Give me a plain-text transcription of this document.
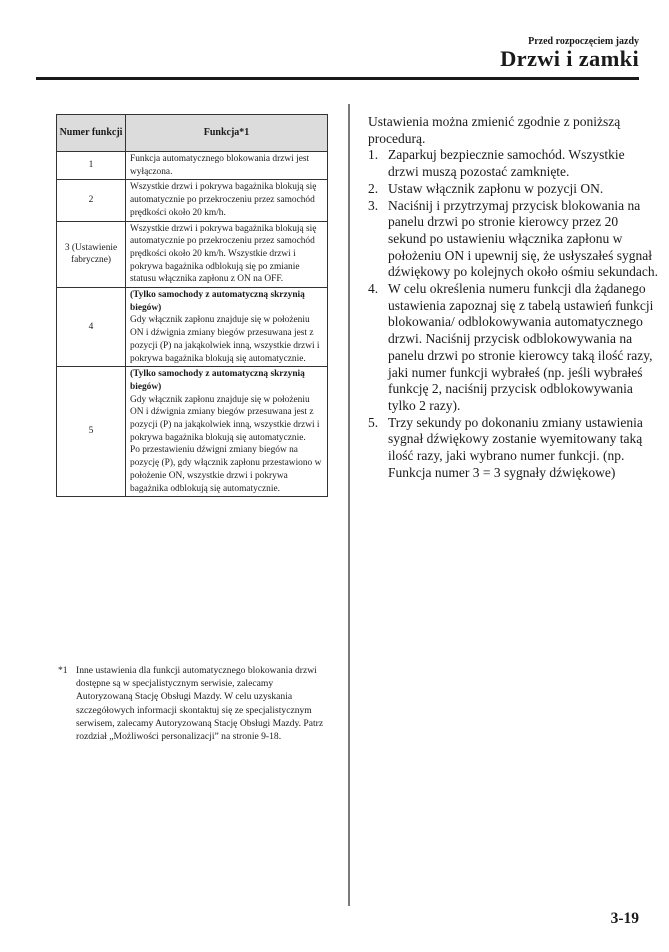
Przed rozpoczęciem jazdy
Drzwi i zamki
Numer funkcji	Funkcja*1
1	Funkcja automatycznego blokowania drzwi jest wyłączona.
2	Wszystkie drzwi i pokrywa bagażnika blokują się automatycznie po przekroczeniu przez samochód prędkości około 20 km/h.
3 (Ustawienie fabryczne)	Wszystkie drzwi i pokrywa bagażnika blokują się automatycznie po przekroczeniu przez samochód prędkości około 20 km/h. Wszystkie drzwi i pokrywa bagażnika odblokują się po zmianie statusu włącznika zapłonu z ON na OFF.
4	(Tylko samochody z automatyczną skrzynią biegów)
Gdy włącznik zapłonu znajduje się w położeniu ON i dźwignia zmiany biegów przesuwana jest z pozycji (P) na jakąkolwiek inną, wszystkie drzwi i pokrywa bagażnika blokują się automatycznie.

5	(Tylko samochody z automatyczną skrzynią biegów)
Gdy włącznik zapłonu znajduje się w położeniu ON i dźwignia zmiany biegów przesuwana jest z pozycji (P) na jakąkolwiek inną, wszystkie drzwi i pokrywa bagażnika blokują się automatycznie.
Po przestawieniu dźwigni zmiany biegów na pozycję (P), gdy włącznik zapłonu przestawiono w położenie ON, wszystkie drzwi i pokrywa bagażnika odblokują się automatycznie.
*1 Inne ustawienia dla funkcji automatycznego blokowania drzwi dostępne są w specjalistycznym serwisie, zalecamy Autoryzowaną Stację Obsługi Mazdy. W celu uzyskania szczegółowych informacji skontaktuj się ze specjalistycznym serwisem, zalecamy Autoryzowaną Stację Obsługi Mazdy. Patrz rozdział „Możliwości personalizacji” na stronie 9-18.

Ustawienia można zmienić zgodnie z poniższą procedurą.

1. Zaparkuj bezpiecznie samochód. Wszystkie drzwi muszą pozostać zamknięte.
2. Ustaw włącznik zapłonu w pozycji ON.
3. Naciśnij i przytrzymaj przycisk blokowania na panelu drzwi po stronie kierowcy przez 20 sekund po ustawieniu włącznika zapłonu w położeniu ON i upewnij się, że usłyszałeś sygnał dźwiękowy po kolejnych około ośmiu sekundach.
4. W celu określenia numeru funkcji dla żądanego ustawienia zapoznaj się z tabelą ustawień funkcji blokowania/ odblokowywania automatycznego drzwi. Naciśnij przycisk odblokowywania na panelu drzwi po stronie kierowcy taką ilość razy, jaki numer funkcji wybrałeś (np. jeśli wybrałeś funkcję 2, naciśnij przycisk odblokowywania tylko 2 razy).
5. Trzy sekundy po dokonaniu zmiany ustawienia sygnał dźwiękowy zostanie wyemitowany taką ilość razy, jaki wybrano numer funkcji. (np. Funkcja numer 3 = 3 sygnały dźwiękowe)
3-19
